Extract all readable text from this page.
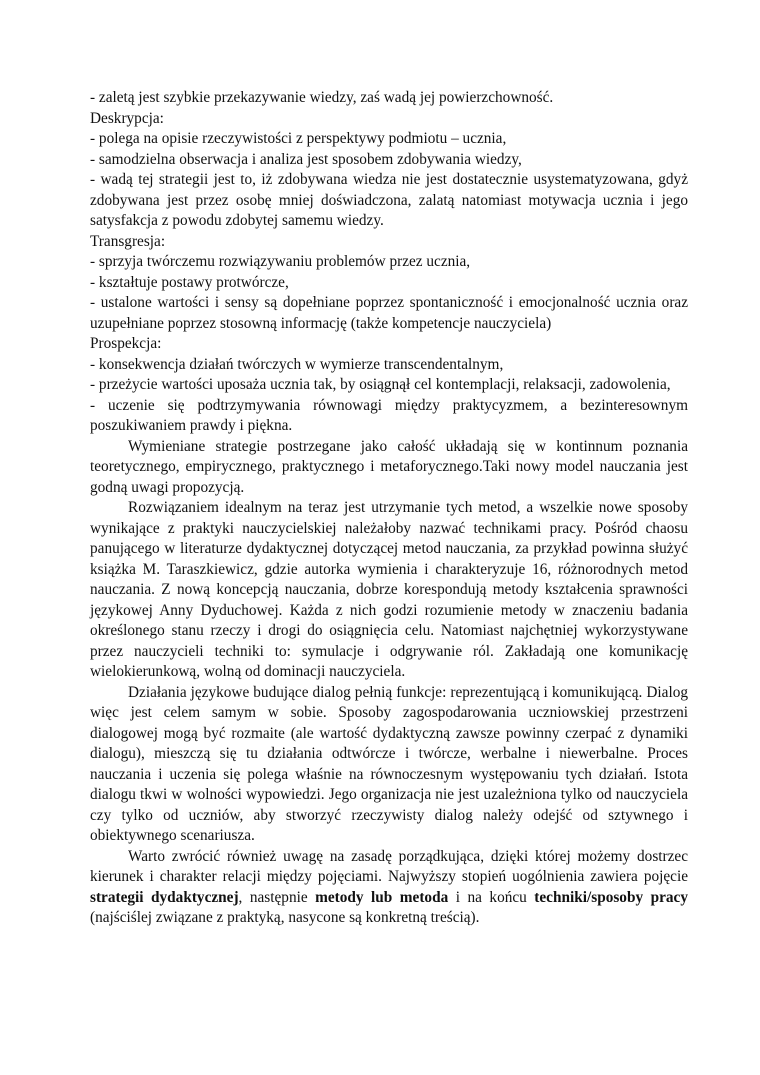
- zaletą jest szybkie przekazywanie wiedzy, zaś wadą jej powierzchowność.
Deskrypcja:
- polega na opisie rzeczywistości z perspektywy podmiotu – ucznia,
- samodzielna obserwacja i analiza jest sposobem zdobywania wiedzy,

- wadą tej strategii jest to, iż zdobywana wiedza nie jest dostatecznie usystematyzowana, gdyż zdobywana jest przez osobę mniej doświadczona, zalatą natomiast motywacja ucznia i jego satysfakcja z powodu zdobytej samemu wiedzy.

Transgresja:
- sprzyja twórczemu rozwiązywaniu problemów przez ucznia,
- kształtuje postawy protwórcze,

- ustalone wartości i sensy są dopełniane poprzez spontaniczność i emocjonalność ucznia oraz uzupełniane poprzez stosowną informację (także kompetencje nauczyciela)

Prospekcja:
- konsekwencja działań twórczych w wymierze transcendentalnym,
- przeżycie wartości uposaża ucznia tak, by osiągnął cel kontemplacji, relaksacji, zadowolenia,

- uczenie się podtrzymywania równowagi między praktycyzmem, a bezinteresownym poszukiwaniem prawdy i piękna.

Wymieniane strategie postrzegane jako całość układają się w kontinnum poznania teoretycznego, empirycznego, praktycznego i metaforycznego.Taki nowy model nauczania jest godną uwagi propozycją.

Rozwiązaniem idealnym na teraz jest utrzymanie tych metod, a wszelkie nowe sposoby wynikające z praktyki nauczycielskiej należałoby nazwać technikami pracy. Pośród chaosu panującego w literaturze dydaktycznej dotyczącej metod nauczania, za przykład powinna służyć książka M. Taraszkiewicz, gdzie autorka wymienia i charakteryzuje 16, różnorodnych metod nauczania. Z nową koncepcją nauczania, dobrze korespondują metody kształcenia sprawności językowej Anny Dyduchowej. Każda z nich godzi rozumienie metody w znaczeniu badania określonego stanu rzeczy i drogi do osiągnięcia celu. Natomiast najchętniej wykorzystywane przez nauczycieli techniki to: symulacje i odgrywanie ról. Zakładają one komunikację wielokierunkową, wolną od dominacji nauczyciela.

Działania językowe budujące dialog pełnią funkcje: reprezentującą i komunikującą. Dialog więc jest celem samym w sobie. Sposoby zagospodarowania uczniowskiej przestrzeni dialogowej mogą być rozmaite (ale wartość dydaktyczną zawsze powinny czerpać z dynamiki dialogu), mieszczą się tu działania odtwórcze i twórcze, werbalne i niewerbalne. Proces nauczania i uczenia się polega właśnie na równoczesnym występowaniu tych działań. Istota dialogu tkwi w wolności wypowiedzi. Jego organizacja nie jest uzależniona tylko od nauczyciela czy tylko od uczniów, aby stworzyć rzeczywisty dialog należy odejść od sztywnego i obiektywnego scenariusza.

Warto zwrócić również uwagę na zasadę porządkująca, dzięki której możemy dostrzec kierunek i charakter relacji między pojęciami. Najwyższy stopień uogólnienia zawiera pojęcie strategii dydaktycznej, następnie metody lub metoda i na końcu techniki/sposoby pracy (najściślej związane z praktyką, nasycone są konkretną treścią).
